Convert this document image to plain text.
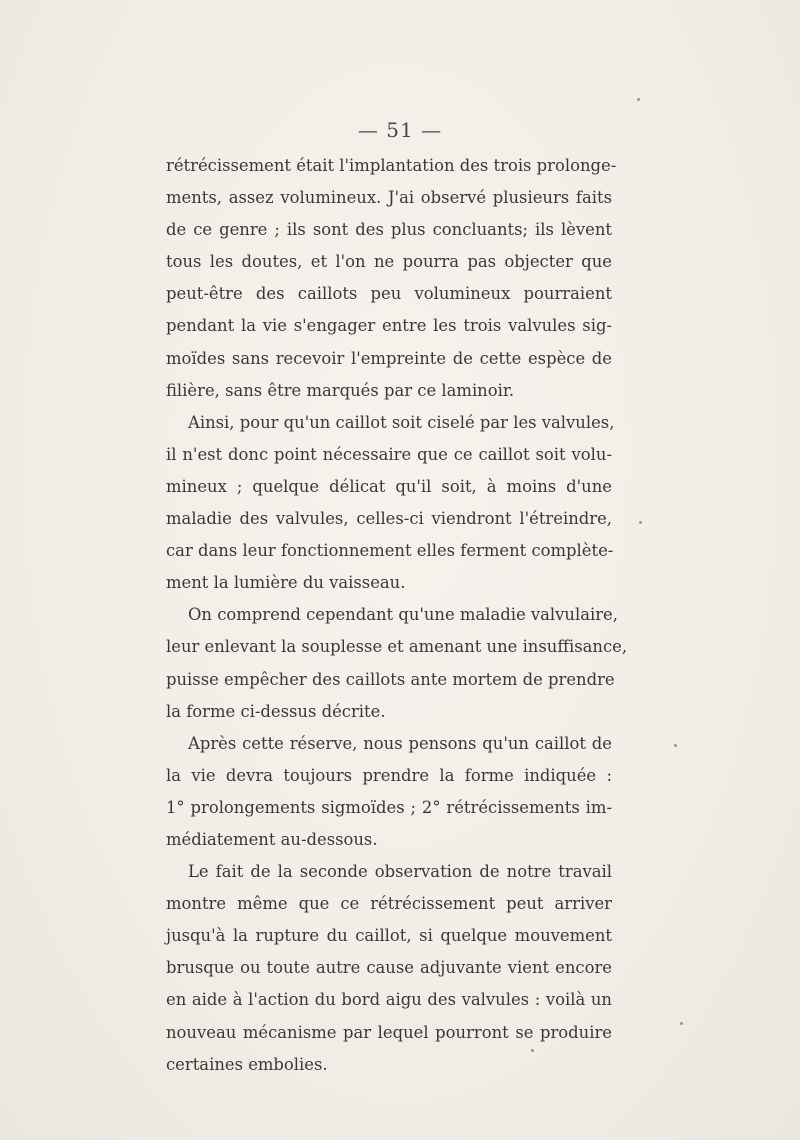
— 51 —
rétrécissement était l'implantation des trois prolonge-
ments, assez volumineux. J'ai observé plusieurs faits
de ce genre ; ils sont des plus concluants; ils lèvent
tous les doutes, et l'on ne pourra pas objecter que
peut-être des caillots peu volumineux pourraient
pendant la vie s'engager entre les trois valvules sig-
moïdes sans recevoir l'empreinte de cette espèce de
filière, sans être marqués par ce laminoir.
Ainsi, pour qu'un caillot soit ciselé par les valvules,
il n'est donc point nécessaire que ce caillot soit volu-
mineux ; quelque délicat qu'il soit, à moins d'une
maladie des valvules, celles-ci viendront l'étreindre,
car dans leur fonctionnement elles ferment complète-
ment la lumière du vaisseau.
On comprend cependant qu'une maladie valvulaire,
leur enlevant la souplesse et amenant une insuffisance,
puisse empêcher des caillots ante mortem de prendre
la forme ci-dessus décrite.
Après cette réserve, nous pensons qu'un caillot de
la vie devra toujours prendre la forme indiquée :
1° prolongements sigmoïdes ; 2° rétrécissements im-
médiatement au-dessous.
Le fait de la seconde observation de notre travail
montre même que ce rétrécissement peut arriver
jusqu'à la rupture du caillot, si quelque mouvement
brusque ou toute autre cause adjuvante vient encore
en aide à l'action du bord aigu des valvules : voilà un
nouveau mécanisme par lequel pourront se produire
certaines embolies.
